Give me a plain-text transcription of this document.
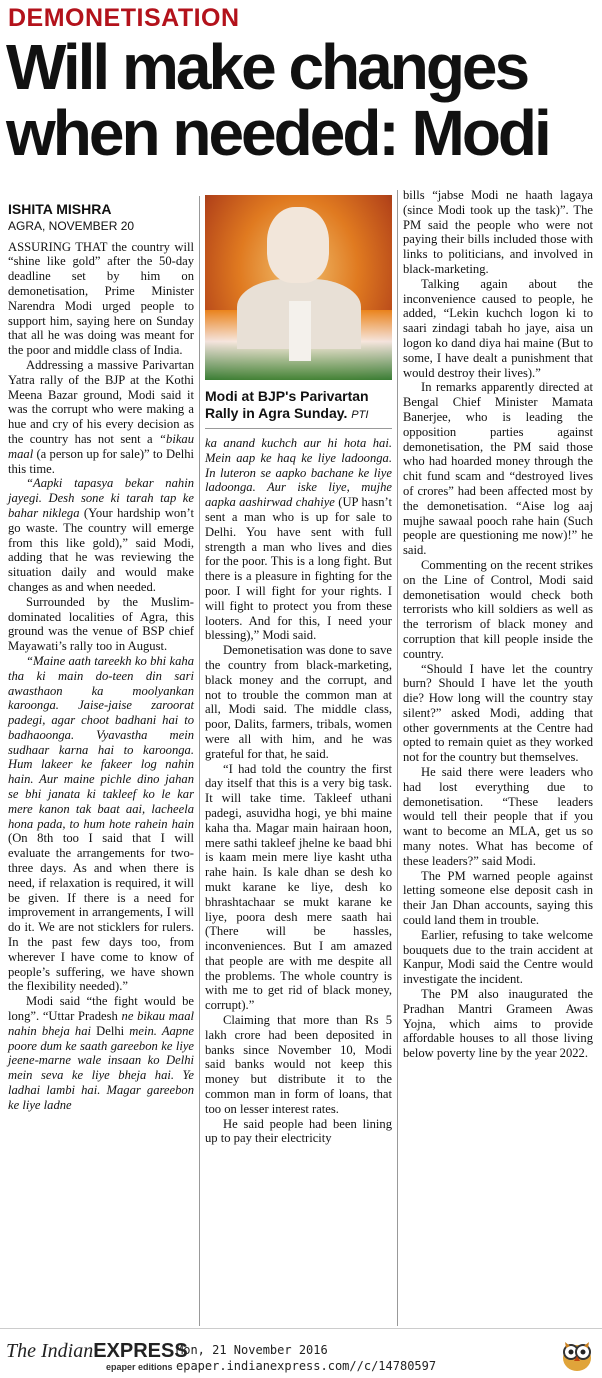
DEMONETISATION
Will make changes when needed: Modi
ISHITA MISHRA
AGRA, NOVEMBER 20

ASSURING THAT the country will “shine like gold” after the 50-day deadline set by him on demonetisation, Prime Minister Narendra Modi urged people to support him, saying here on Sunday that all he was doing was meant for the poor and middle class of India.

Addressing a massive Parivartan Yatra rally of the BJP at the Kothi Meena Bazar ground, Modi said it was the corrupt who were making a hue and cry of his every decision as the country has not sent a “bikau maal (a person up for sale)” to Delhi this time.

“Aapki tapasya bekar nahin jayegi. Desh sone ki tarah tap ke bahar niklega (Your hardship won’t go waste. The country will emerge from this like gold),” said Modi, adding that he was reviewing the situation daily and would make changes as and when needed.

Surrounded by the Muslim-dominated localities of Agra, this ground was the venue of BSP chief Mayawati’s rally too in August.

“Maine aath tareekh ko bhi kaha tha ki main do-teen din sari awasthaon ka moolyankan karoonga. Jaise-jaise zaroorat padegi, agar choot badhani hai to badhaoonga. Vyavastha mein sudhaar karna hai to karoonga. Hum lakeer ke fakeer log nahin hain. Aur maine pichle dino jahan se bhi janata ki takleef ko le kar mere kanon tak baat aai, lacheela hona pada, to hum hote rahein hain (On 8th too I said that I will evaluate the arrangements for two-three days. As and when there is need, if relaxation is required, it will be given. If there is a need for improvement in arrangements, I will do it. We are not sticklers for rulers. In the past few days too, from wherever I have come to know of people’s suffering, we have shown the flexibility needed).”

Modi said “the fight would be long”. “Uttar Pradesh ne bikau maal nahin bheja hai Delhi mein. Aapne poore dum ke saath gareebon ke liye jeene-marne wale insaan ko Delhi mein seva ke liye bheja hai. Ye ladhai lambi hai. Magar gareebon ke liye ladne

Modi at BJP's Parivartan Rally in Agra Sunday. PTI

ka anand kuchch aur hi hota hai. Mein aap ke haq ke liye ladoonga. In luteron se aapko bachane ke liye ladoonga. Aur iske liye, mujhe aapka aashirwad chahiye (UP hasn’t sent a man who is up for sale to Delhi. You have sent with full strength a man who lives and dies for the poor. This is a long fight. But there is a pleasure in fighting for the poor. I will fight for your rights. I will fight to protect you from these looters. And for this, I need your blessing),” Modi said.

Demonetisation was done to save the country from black-marketing, black money and the corrupt, and not to trouble the common man at all, Modi said. The middle class, poor, Dalits, farmers, tribals, women were all with him, and he was grateful for that, he said.

“I had told the country the first day itself that this is a very big task. It will take time. Takleef uthani padegi, asuvidha hogi, ye bhi maine kaha tha. Magar main hairaan hoon, mere sathi takleef jhelne ke baad bhi is kaam mein mere liye kasht utha rahe hain. Is kale dhan se desh ko mukt karane ke liye, desh ko bhrashtachaar se mukt karane ke liye, poora desh mere saath hai (There will be hassles, inconveniences. But I am amazed that people are with me despite all the problems. The whole country is with me to get rid of black money, corrupt).”

Claiming that more than Rs 5 lakh crore had been deposited in banks since November 10, Modi said banks would not keep this money but distribute it to the common man in form of loans, that too on lesser interest rates.

He said people had been lining up to pay their electricity

bills “jabse Modi ne haath lagaya (since Modi took up the task)”. The PM said the people who were not paying their bills included those with links to politicians, and involved in black-marketing.

Talking again about the inconvenience caused to people, he added, “Lekin kuchch logon ki to saari zindagi tabah ho jaye, aisa un logon ko dand diya hai maine (But to some, I have dealt a punishment that would destroy their lives).”

In remarks apparently directed at Bengal Chief Minister Mamata Banerjee, who is leading the opposition parties against demonetisation, the PM said those who had hoarded money through the chit fund scam and “destroyed lives of crores” had been affected most by the demonetisation. “Aise log aaj mujhe sawaal pooch rahe hain (Such people are questioning me now)!” he said.

Commenting on the recent strikes on the Line of Control, Modi said demonetisation would check both terrorists who kill soldiers as well as the terrorism of black money and corruption that kill people inside the country.

“Should I have let the country burn? Should I have let the youth die? How long will the country stay silent?” asked Modi, adding that other governments at the Centre had opted to remain quiet as they worked not for the country but themselves.

He said there were leaders who had lost everything due to demonetisation. “These leaders would tell their people that if you want to become an MLA, get us so many notes. What has become of these leaders?” said Modi.

The PM warned people against letting someone else deposit cash in their Jan Dhan accounts, saying this could land them in trouble.

Earlier, refusing to take welcome bouquets due to the train accident at Kanpur, Modi said the Centre would investigate the incident.

The PM also inaugurated the Pradhan Mantri Grameen Awas Yojna, which aims to provide affordable houses to all those living below poverty line by the year 2022.

The IndianEXPRESS
epaper editions
Mon, 21 November 2016
epaper.indianexpress.com//c/14780597
